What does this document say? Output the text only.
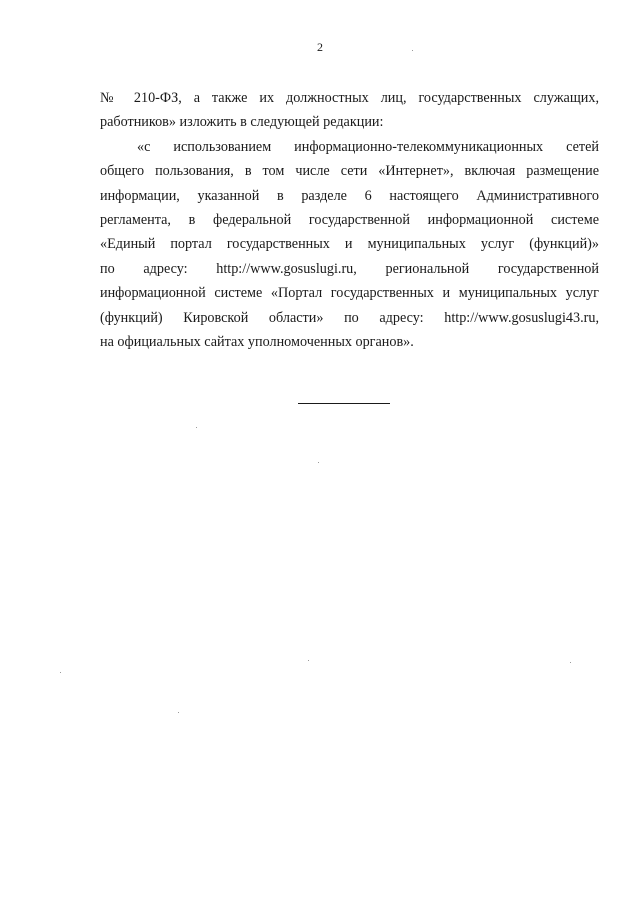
2
№ 210-ФЗ, а также их должностных лиц, государственных служащих,
работников» изложить в следующей редакции:
«с использованием информационно-телекоммуникационных сетей
общего пользования, в том числе сети «Интернет», включая размещение
информации, указанной в разделе 6 настоящего Административного
регламента, в федеральной государственной информационной системе
«Единый портал государственных и муниципальных услуг (функций)»
по адресу: http://www.gosuslugi.ru, региональной государственной
информационной системе «Портал государственных и муниципальных услуг
(функций) Кировской области» по адресу: http://www.gosuslugi43.ru,
на официальных сайтах уполномоченных органов».
